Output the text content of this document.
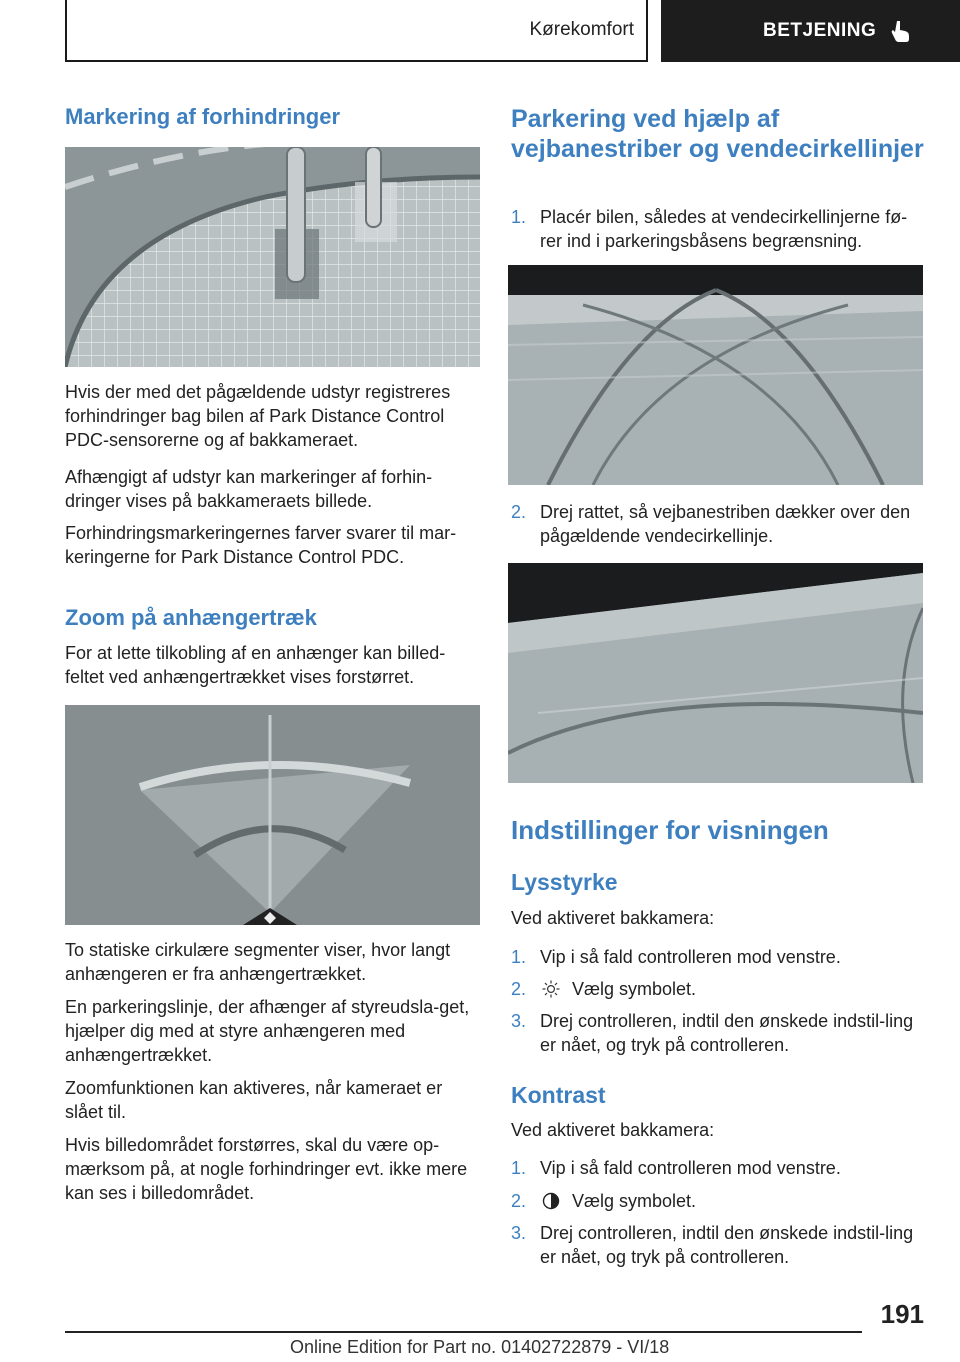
Kørekomfort	BETJENING
Markering af forhindringer

Hvis der med det pågældende udstyr registreres forhindringer bag bilen af Park Distance Control PDC-sensorerne og af bakkameraet.

Afhængigt af udstyr kan markeringer af forhin-dringer vises på bakkameraets billede.

Forhindringsmarkeringernes farver svarer til mar-keringerne for Park Distance Control PDC.

Zoom på anhængertræk

For at lette tilkobling af en anhænger kan billed-feltet ved anhængertrækket vises forstørret.

To statiske cirkulære segmenter viser, hvor langt anhængeren er fra anhængertrækket.

En parkeringslinje, der afhænger af styreudsla-get, hjælper dig med at styre anhængeren med anhængertrækket.

Zoomfunktionen kan aktiveres, når kameraet er slået til.

Hvis billedområdet forstørres, skal du være op-mærksom på, at nogle forhindringer evt. ikke mere kan ses i billedområdet.

Parkering ved hjælp af vejbanestriber og vendecirkellinjer
1. Placér bilen, således at vendecirkellinjerne fø-rer ind i parkeringsbåsens begrænsning.
2. Drej rattet, så vejbanestriben dækker over den pågældende vendecirkellinje.
Indstillinger for visningen
Lysstyrke

Ved aktiveret bakkamera:

1. Vip i så fald controlleren mod venstre.
2.	Vælg symbolet.
3. Drej controlleren, indtil den ønskede indstil-ling er nået, og tryk på controlleren.
Kontrast

Ved aktiveret bakkamera:

1. Vip i så fald controlleren mod venstre.
2.	Vælg symbolet.
3. Drej controlleren, indtil den ønskede indstil-ling er nået, og tryk på controlleren.
191
Online Edition for Part no. 01402722879 - VI/18
